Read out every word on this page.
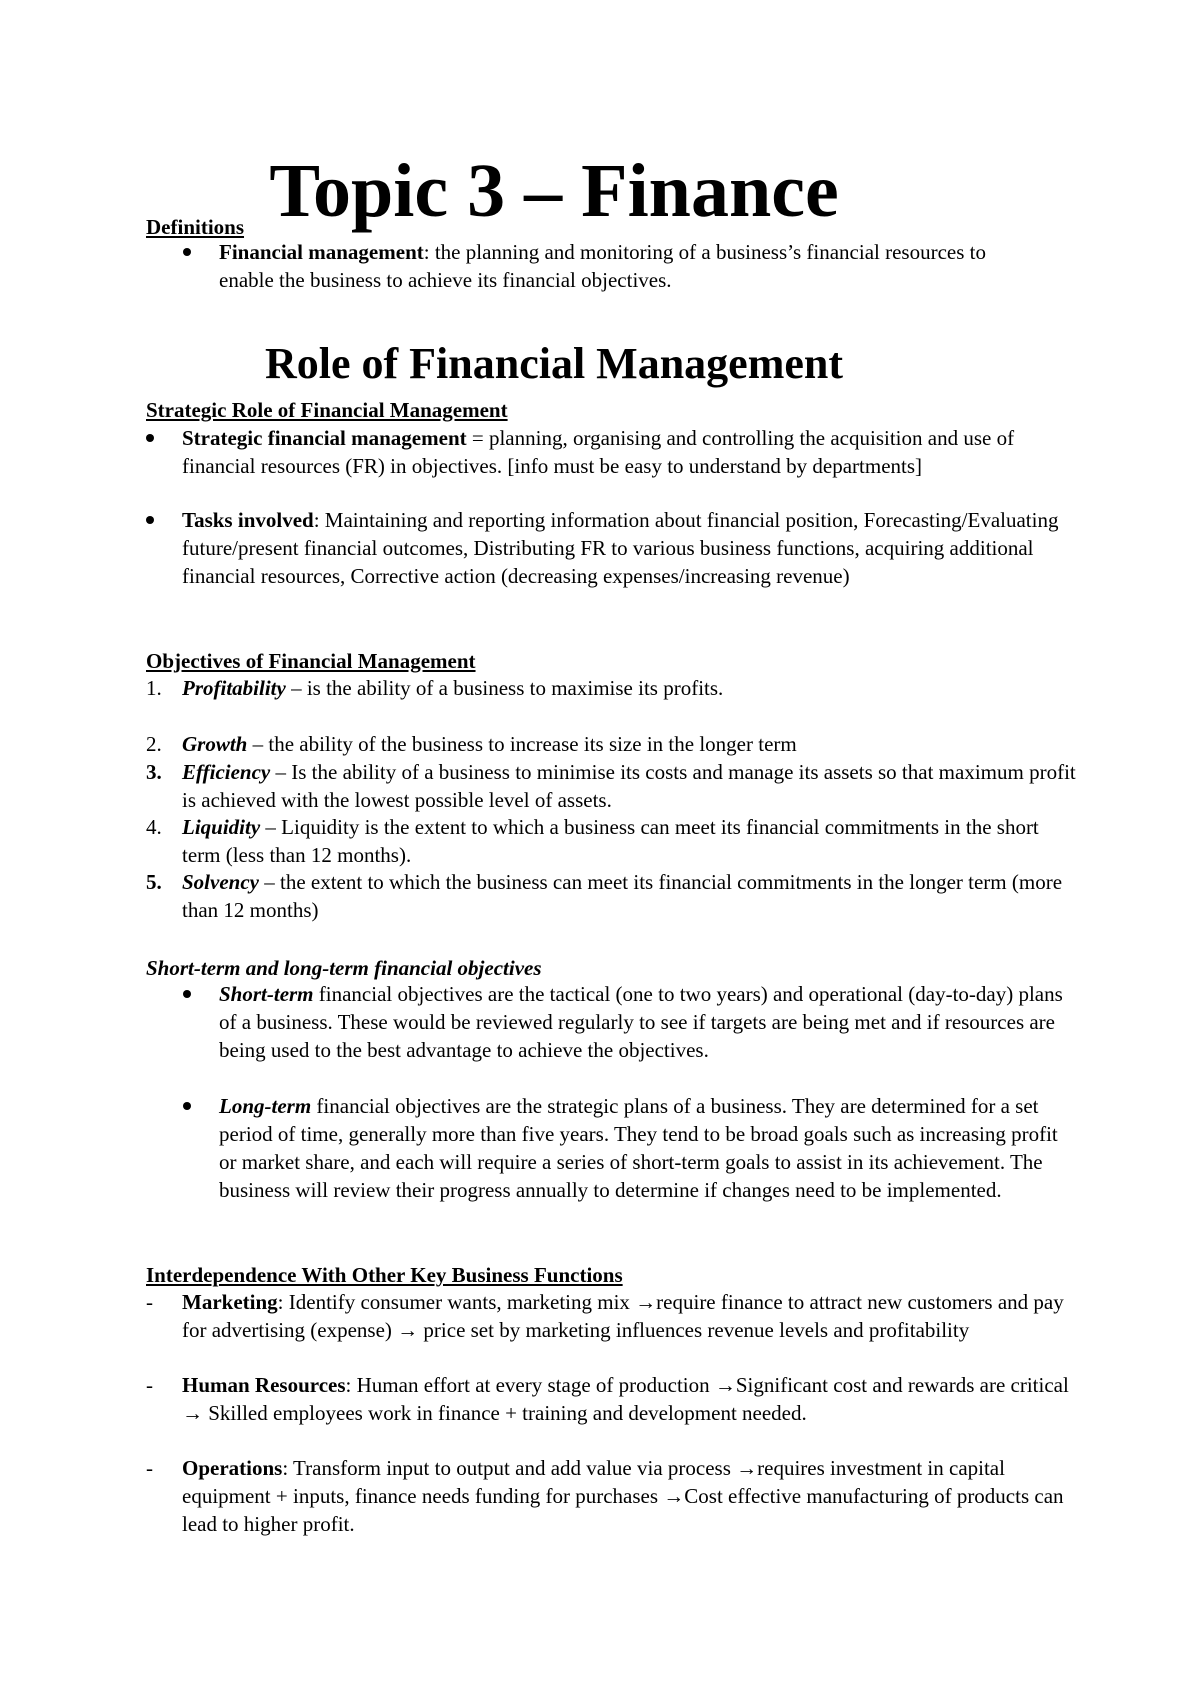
Topic 3 – Finance
Definitions
Financial management: the planning and monitoring of a business’s financial resources to enable the business to achieve its financial objectives.
Role of Financial Management
Strategic Role of Financial Management
Strategic financial management = planning, organising and controlling the acquisition and use of financial resources (FR) in objectives. [info must be easy to understand by departments]
Tasks involved: Maintaining and reporting information about financial position, Forecasting/Evaluating future/present financial outcomes, Distributing FR to various business functions, acquiring additional financial resources, Corrective action (decreasing expenses/increasing revenue)
Objectives of Financial Management
1. Profitability – is the ability of a business to maximise its profits.
2. Growth – the ability of the business to increase its size in the longer term
3. Efficiency – Is the ability of a business to minimise its costs and manage its assets so that maximum profit is achieved with the lowest possible level of assets.
4. Liquidity – Liquidity is the extent to which a business can meet its financial commitments in the short term (less than 12 months).
5. Solvency – the extent to which the business can meet its financial commitments in the longer term (more than 12 months)
Short-term and long-term financial objectives
Short-term financial objectives are the tactical (one to two years) and operational (day-to-day) plans of a business. These would be reviewed regularly to see if targets are being met and if resources are being used to the best advantage to achieve the objectives.
Long-term financial objectives are the strategic plans of a business. They are determined for a set period of time, generally more than five years. They tend to be broad goals such as increasing profit or market share, and each will require a series of short-term goals to assist in its achievement. The business will review their progress annually to determine if changes need to be implemented.
Interdependence With Other Key Business Functions
- Marketing: Identify consumer wants, marketing mix →require finance to attract new customers and pay for advertising (expense) → price set by marketing influences revenue levels and profitability
- Human Resources: Human effort at every stage of production →Significant cost and rewards are critical → Skilled employees work in finance + training and development needed.
- Operations: Transform input to output and add value via process →requires investment in capital equipment + inputs, finance needs funding for purchases →Cost effective manufacturing of products can lead to higher profit.
